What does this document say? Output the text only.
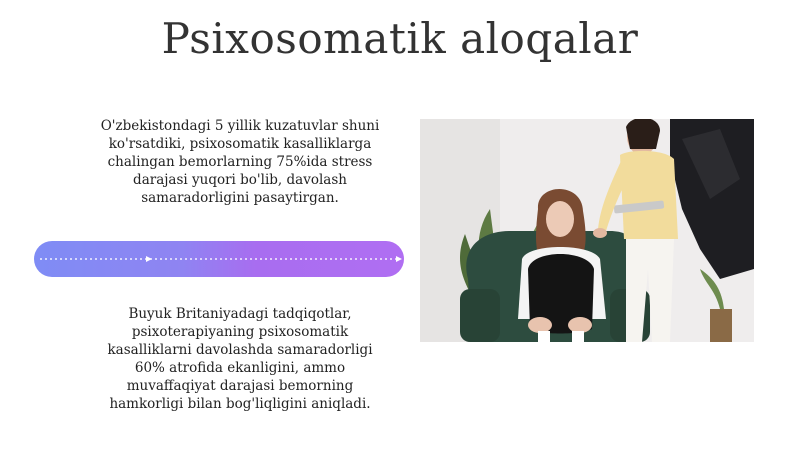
Psixosomatik aloqalar
O'zbekistondagi 5 yillik kuzatuvlar shuni
ko'rsatdiki, psixosomatik kasalliklarga
chalingan bemorlarning 75%ida stress
darajasi yuqori bo'lib, davolash
samaradorligini pasaytirgan.
Buyuk Britaniyadagi tadqiqotlar,
psixoterapiyaning psixosomatik
kasalliklarni davolashda samaradorligi
60% atrofida ekanligini, ammo
muvaffaqiyat darajasi bemorning
hamkorligi bilan bog'liqligini aniqladi.
